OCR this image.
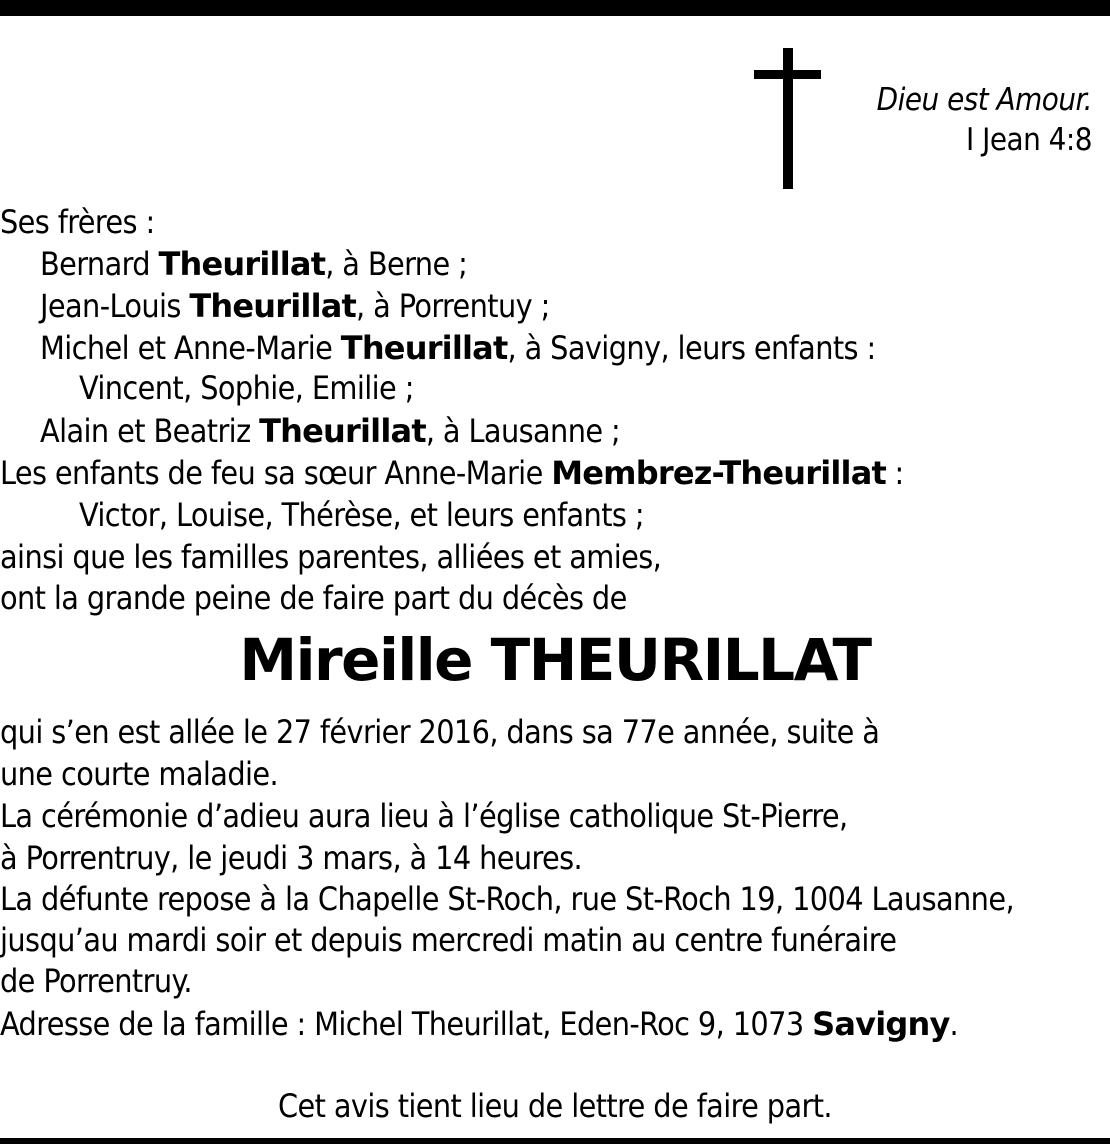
Dieu est Amour.
I Jean 4:8
Ses frères :
Bernard Theurillat, à Berne ;
Jean-Louis Theurillat, à Porrentuy ;
Michel et Anne-Marie Theurillat, à Savigny, leurs enfants :
Vincent, Sophie, Emilie ;
Alain et Beatriz Theurillat, à Lausanne ;
Les enfants de feu sa sœur Anne-Marie Membrez-Theurillat :
Victor, Louise, Thérèse, et leurs enfants ;
ainsi que les familles parentes, alliées et amies,
ont la grande peine de faire part du décès de
Mireille THEURILLAT
qui s’en est allée le 27 février 2016, dans sa 77e année, suite à
une courte maladie.
La cérémonie d’adieu aura lieu à l’église catholique St-Pierre,
à Porrentruy, le jeudi 3 mars, à 14 heures.
La défunte repose à la Chapelle St-Roch, rue St-Roch 19, 1004 Lausanne,
jusqu’au mardi soir et depuis mercredi matin au centre funéraire
de Porrentruy.
Adresse de la famille : Michel Theurillat, Eden-Roc 9, 1073 Savigny.
Cet avis tient lieu de lettre de faire part.
